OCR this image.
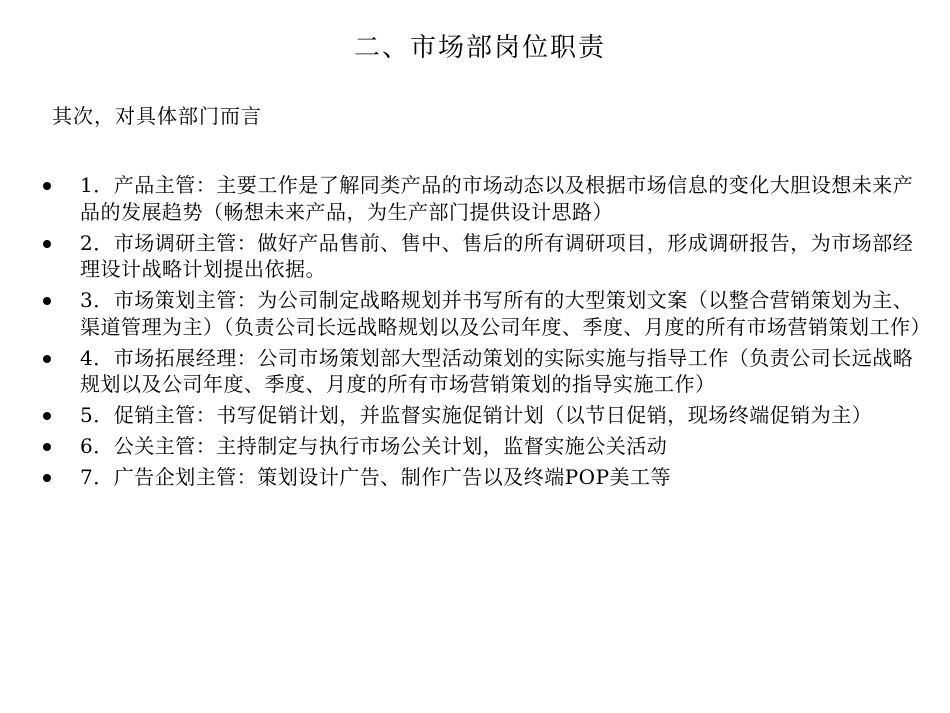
二、市场部岗位职责
其次，对具体部门而言
1．产品主管：主要工作是了解同类产品的市场动态以及根据市场信息的变化大胆设想未来产品的发展趋势（畅想未来产品，为生产部门提供设计思路）
2．市场调研主管：做好产品售前、售中、售后的所有调研项目，形成调研报告，为市场部经理设计战略计划提出依据。
3．市场策划主管：为公司制定战略规划并书写所有的大型策划文案（以整合营销策划为主、渠道管理为主）（负责公司长远战略规划以及公司年度、季度、月度的所有市场营销策划工作）
4．市场拓展经理：公司市场策划部大型活动策划的实际实施与指导工作（负责公司长远战略规划以及公司年度、季度、月度的所有市场营销策划的指导实施工作）
5．促销主管：书写促销计划，并监督实施促销计划（以节日促销，现场终端促销为主）
6．公关主管：主持制定与执行市场公关计划，监督实施公关活动
7．广告企划主管：策划设计广告、制作广告以及终端POP美工等
